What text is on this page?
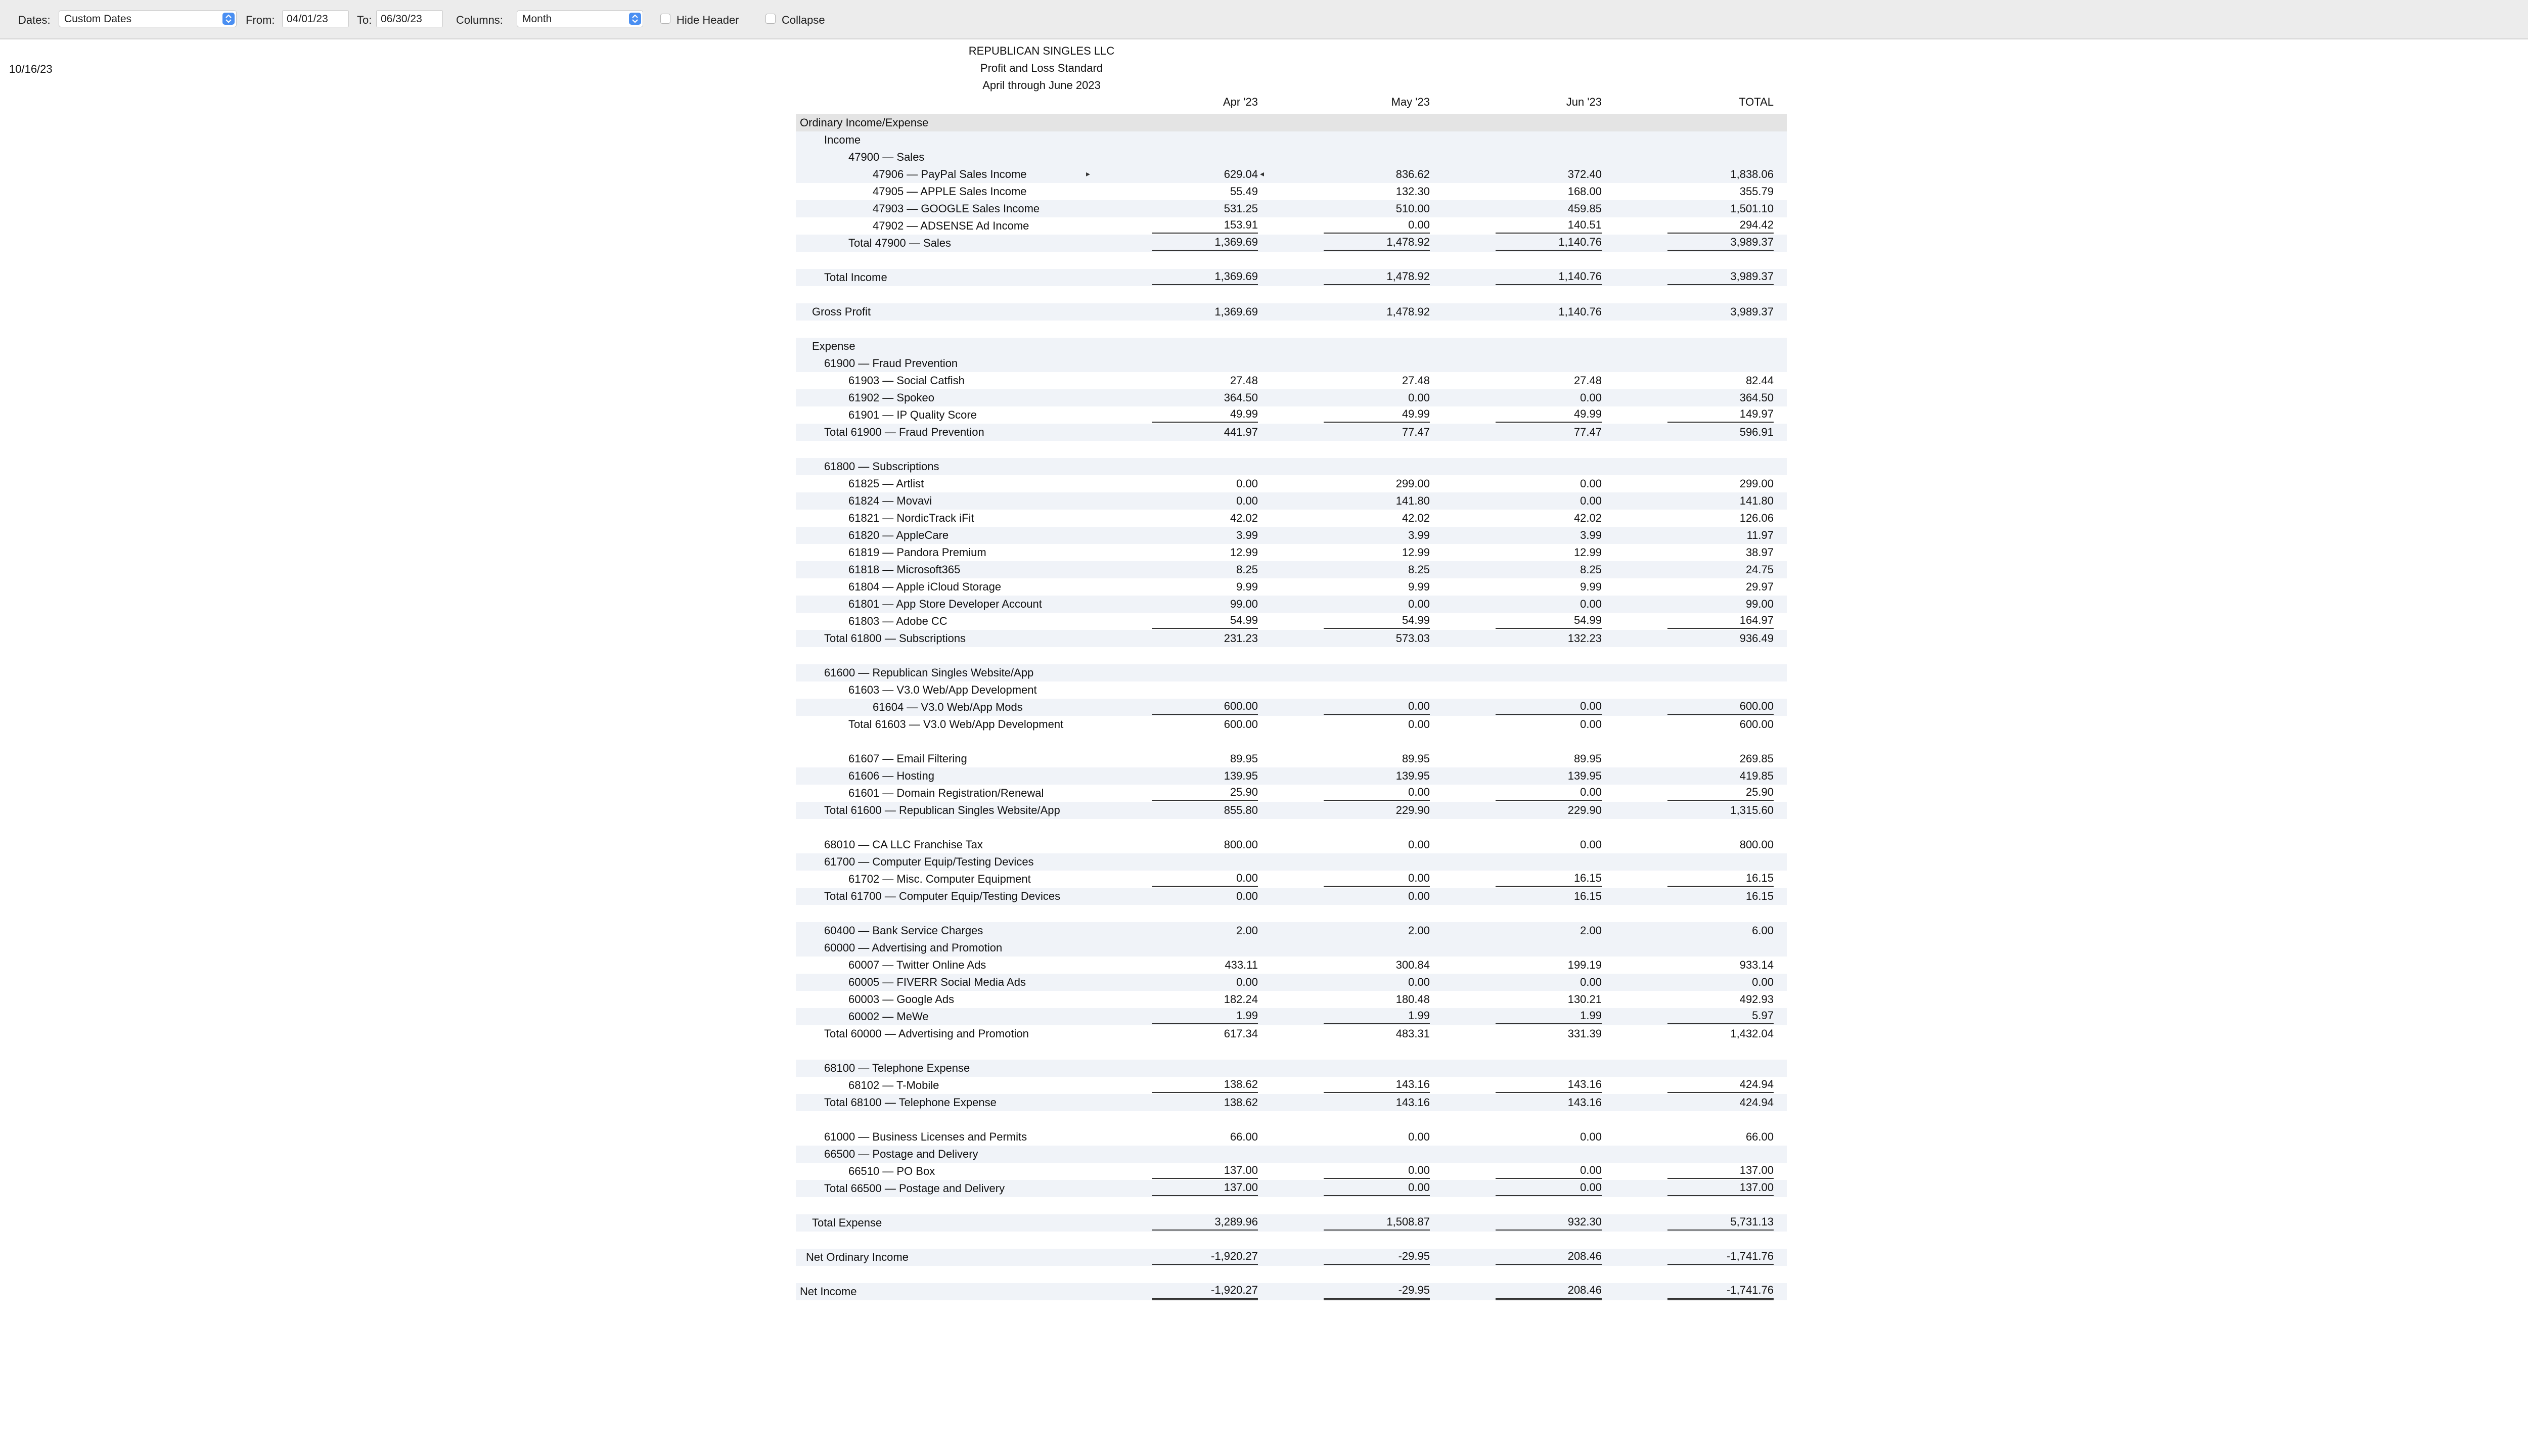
Dates:	Custom Dates	From:	04/01/23	To: 06/30/23	Columns:	Month	Hide Header	Collapse
10/16/23
REPUBLICAN SINGLES LLC
Profit and Loss Standard
April through June 2023
Apr '23	May '23	Jun '23	TOTAL
Ordinary Income/Expense
Income
47900 — Sales
47906 — PayPal Sales Income	629.04	836.62	372.40	1,838.06
▸	◂
47905 — APPLE Sales Income	55.49	132.30	168.00	355.79
47903 — GOOGLE Sales Income	531.25	510.00	459.85	1,501.10
47902 — ADSENSE Ad Income	153.91	0.00	140.51	294.42
Total 47900 — Sales	1,369.69	1,478.92	1,140.76	3,989.37
Total Income	1,369.69	1,478.92	1,140.76	3,989.37
Gross Profit	1,369.69	1,478.92	1,140.76	3,989.37
Expense
61900 — Fraud Prevention
61903 — Social Catfish	27.48	27.48	27.48	82.44
61902 — Spokeo	364.50	0.00	0.00	364.50
61901 — IP Quality Score	49.99	49.99	49.99	149.97
Total 61900 — Fraud Prevention	441.97	77.47	77.47	596.91
61800 — Subscriptions
61825 — Artlist	0.00	299.00	0.00	299.00
61824 — Movavi	0.00	141.80	0.00	141.80
61821 — NordicTrack iFit	42.02	42.02	42.02	126.06
61820 — AppleCare	3.99	3.99	3.99	11.97
61819 — Pandora Premium	12.99	12.99	12.99	38.97
61818 — Microsoft365	8.25	8.25	8.25	24.75
61804 — Apple iCloud Storage	9.99	9.99	9.99	29.97
61801 — App Store Developer Account	99.00	0.00	0.00	99.00
61803 — Adobe CC	54.99	54.99	54.99	164.97
Total 61800 — Subscriptions	231.23	573.03	132.23	936.49
61600 — Republican Singles Website/App
61603 — V3.0 Web/App Development
61604 — V3.0 Web/App Mods	600.00	0.00	0.00	600.00
Total 61603 — V3.0 Web/App Development	600.00	0.00	0.00	600.00
61607 — Email Filtering	89.95	89.95	89.95	269.85
61606 — Hosting	139.95	139.95	139.95	419.85
61601 — Domain Registration/Renewal	25.90	0.00	0.00	25.90
Total 61600 — Republican Singles Website/App	855.80	229.90	229.90	1,315.60
68010 — CA LLC Franchise Tax	800.00	0.00	0.00	800.00
61700 — Computer Equip/Testing Devices
61702 — Misc. Computer Equipment	0.00	0.00	16.15	16.15
Total 61700 — Computer Equip/Testing Devices	0.00	0.00	16.15	16.15
60400 — Bank Service Charges	2.00	2.00	2.00	6.00
60000 — Advertising and Promotion
60007 — Twitter Online Ads	433.11	300.84	199.19	933.14
60005 — FIVERR Social Media Ads	0.00	0.00	0.00	0.00
60003 — Google Ads	182.24	180.48	130.21	492.93
60002 — MeWe	1.99	1.99	1.99	5.97
Total 60000 — Advertising and Promotion	617.34	483.31	331.39	1,432.04
68100 — Telephone Expense
68102 — T-Mobile	138.62	143.16	143.16	424.94
Total 68100 — Telephone Expense	138.62	143.16	143.16	424.94
61000 — Business Licenses and Permits	66.00	0.00	0.00	66.00
66500 — Postage and Delivery
66510 — PO Box	137.00	0.00	0.00	137.00
Total 66500 — Postage and Delivery	137.00	0.00	0.00	137.00
Total Expense	3,289.96	1,508.87	932.30	5,731.13
Net Ordinary Income	-1,920.27	-29.95	208.46	-1,741.76
Net Income	-1,920.27	-29.95	208.46	-1,741.76
